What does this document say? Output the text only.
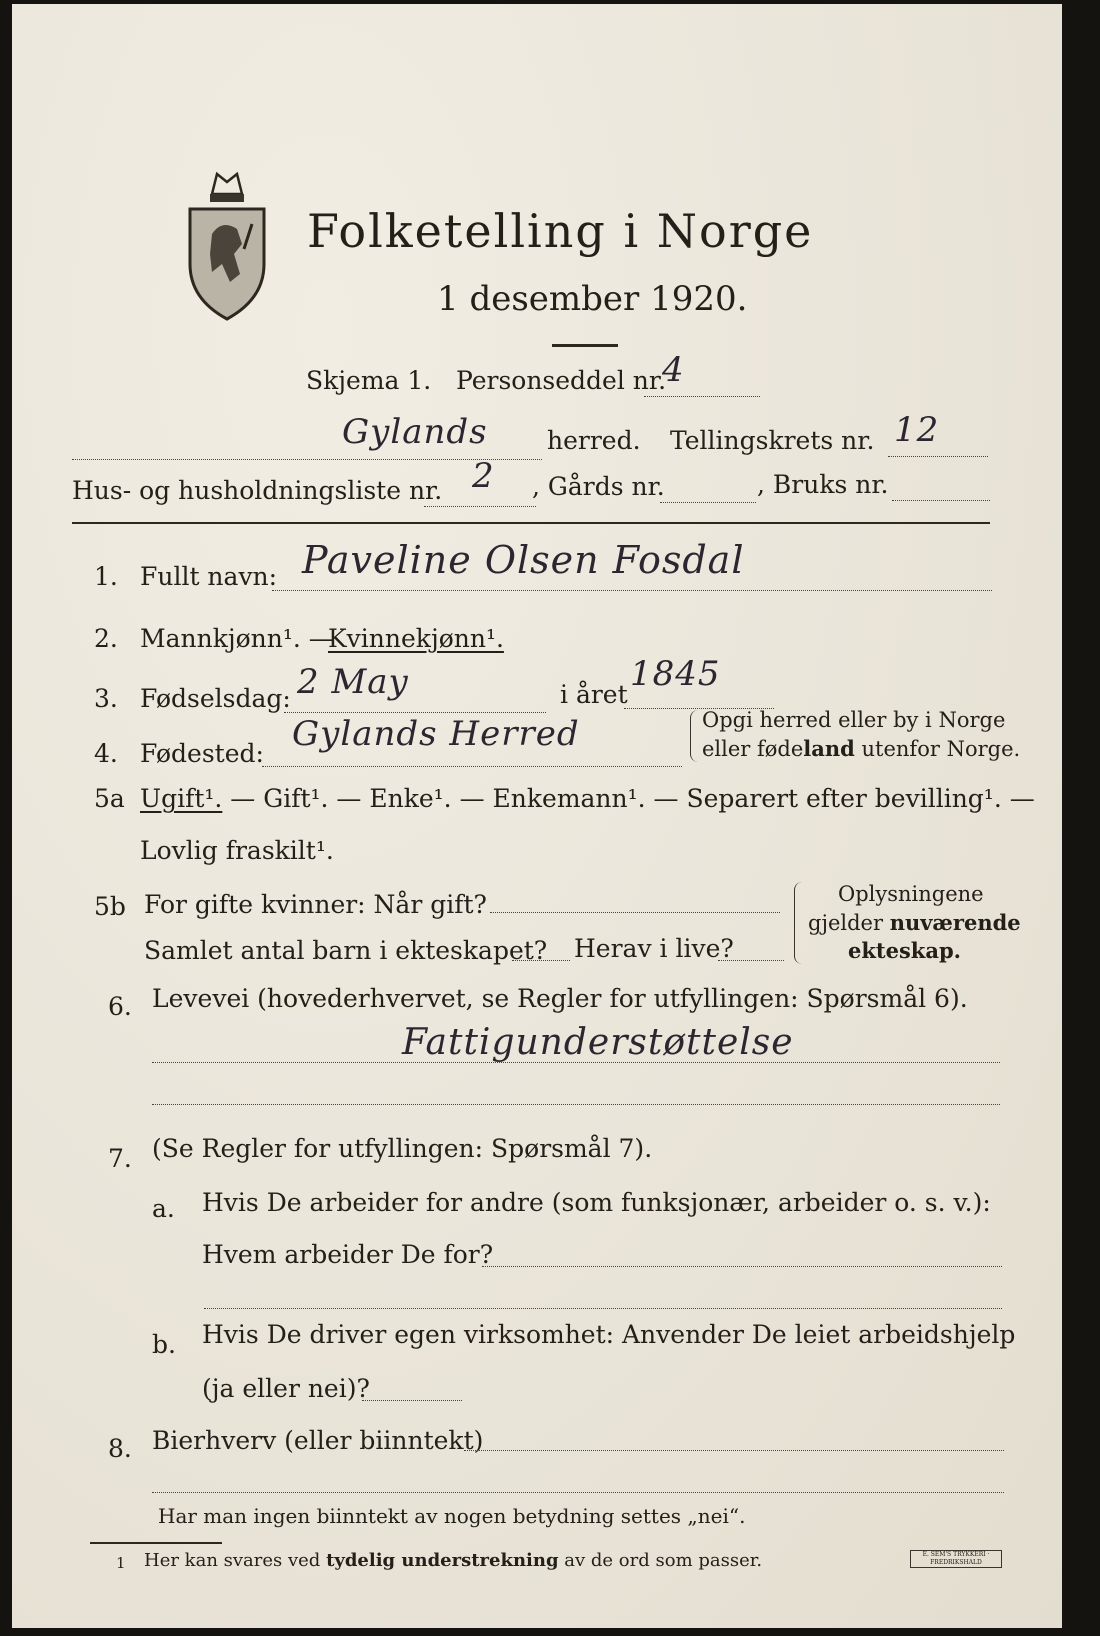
Folketelling i Norge
1 desember 1920.
Skjema 1. Personseddel nr.
4
Gylands herred. Tellingskrets nr. 12
Hus- og husholdningsliste nr. 2 , Gårds nr.	, Bruks nr.
1. Fullt navn: Paveline Olsen Fosdal
2. Mannkjønn¹. —
Kvinnekjønn¹.
3. Fødselsdag: 2 May	i året
1845
4. Fødested: Gylands Herred	Opgi herred eller by i Norge
eller fødeland utenfor Norge.
5a Ugift¹. — Gift¹. — Enke¹. — Enkemann¹. — Separert efter bevilling¹. —
Lovlig fraskilt¹.
5b For gifte kvinner: Når gift?
Samlet antal barn i ekteskapet? Herav i live?
Oplysningene
gjelder nuværende
ekteskap.
6. Levevei (hovederhvervet, se Regler for utfyllingen: Spørsmål 6).
Fattigunderstøttelse
7. (Se Regler for utfyllingen: Spørsmål 7).
a. Hvis De arbeider for andre (som funksjonær, arbeider o. s. v.):
Hvem arbeider De for?
b. Hvis De driver egen virksomhet: Anvender De leiet arbeidshjelp
(ja eller nei)?
8. Bierhverv (eller biinntekt)
Har man ingen biinntekt av nogen betydning settes „nei“.
1 Her kan svares ved tydelig understrekning av de ord som passer.	E. SEM'S TRYKKERI · FREDRIKSHALD
